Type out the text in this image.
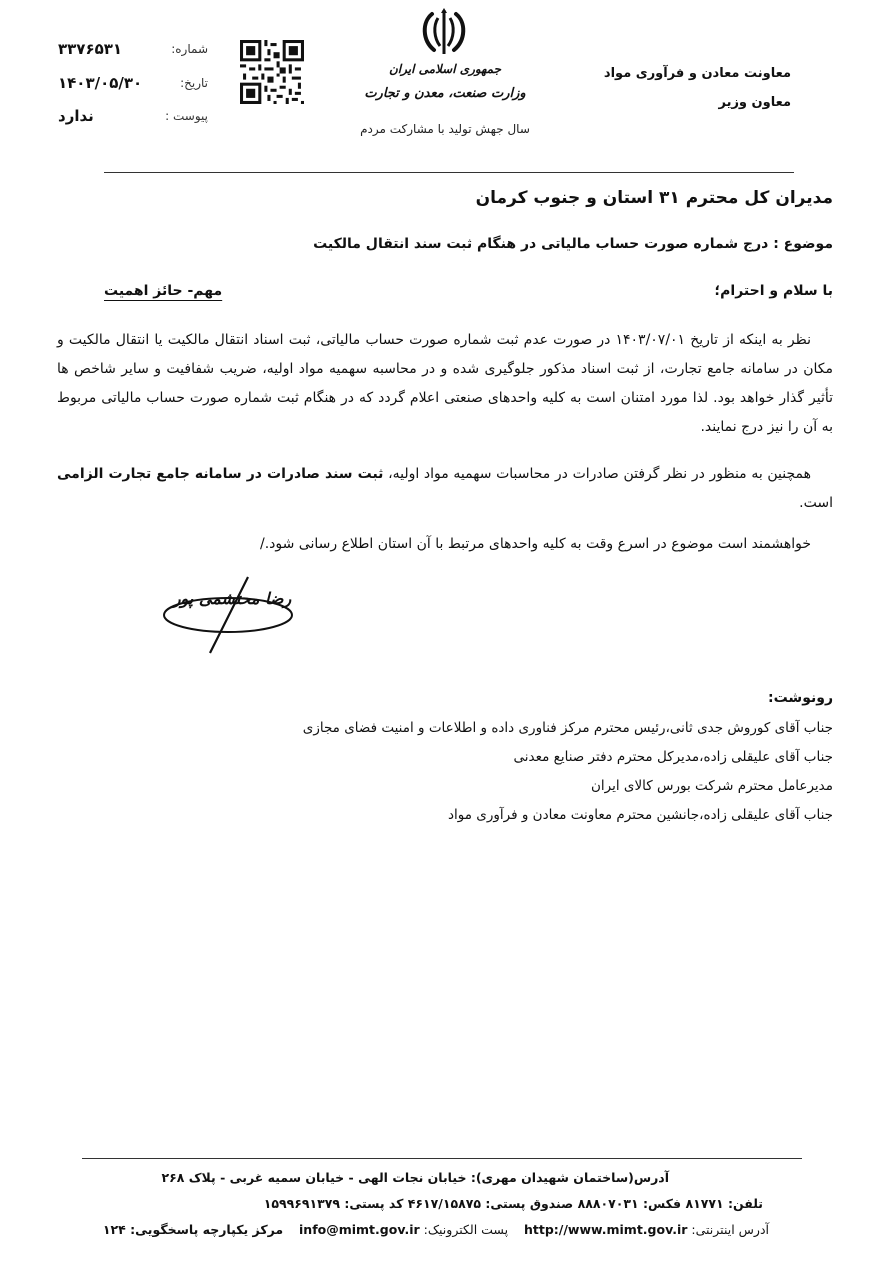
معاونت معادن و فرآوری مواد
معاون وزیر
جمهوری اسلامی ایران
وزارت صنعت، معدن و تجارت
سال جهش تولید با مشارکت مردم
شماره:
۳۳۷۶۵۳۱
تاریخ:
۱۴۰۳/۰۵/۳۰
پیوست :
ندارد
مدیران کل محترم ۳۱ استان و جنوب کرمان
موضوع : درج شماره صورت حساب مالیاتی در هنگام ثبت سند انتقال مالکیت
با سلام و احترام؛
مهم- حائز اهمیت
نظر به اینکه از تاریخ ۱۴۰۳/۰۷/۰۱ در صورت عدم ثبت شماره صورت حساب مالیاتی، ثبت اسناد انتقال مالکیت یا انتقال مالکیت و مکان در سامانه جامع تجارت، از ثبت اسناد مذکور جلوگیری شده و در محاسبه سهمیه مواد اولیه، ضریب شفافیت و سایر شاخص ها تأثیر گذار خواهد بود. لذا مورد امتنان است به کلیه واحدهای صنعتی اعلام گردد که در هنگام ثبت شماره صورت حساب مالیاتی مربوط به آن را نیز درج نمایند.
همچنین به منظور در نظر گرفتن صادرات در محاسبات سهمیه مواد اولیه، ثبت سند صادرات در سامانه جامع تجارت الزامی است.
خواهشمند است موضوع در اسرع وقت به کلیه واحدهای مرتبط با آن استان اطلاع رسانی شود./
رضا محتشمی پور
رونوشت:
جناب آقای کوروش جدی ثانی،رئیس محترم مرکز فناوری داده و اطلاعات و امنیت فضای مجازی
جناب آقای علیقلی زاده،مدیرکل محترم دفتر صنایع معدنی
مدیرعامل محترم شرکت بورس کالای ایران
جناب آقای علیقلی زاده،جانشین محترم معاونت معادن و فرآوری مواد
آدرس(ساختمان شهیدان مهری): خیابان نجات الهی - خیابان سمیه غربی - پلاک ۲۶۸
تلفن: ۸۱۷۷۱ فکس: ۸۸۸۰۷۰۳۱ صندوق پستی: ۴۶۱۷/۱۵۸۷۵ کد پستی: ۱۵۹۹۶۹۱۳۷۹
آدرس اینترنتی: http://www.mimt.gov.ir    پست الکترونیک: info@mimt.gov.ir    مرکز یکپارچه پاسخگویی: ۱۲۴
